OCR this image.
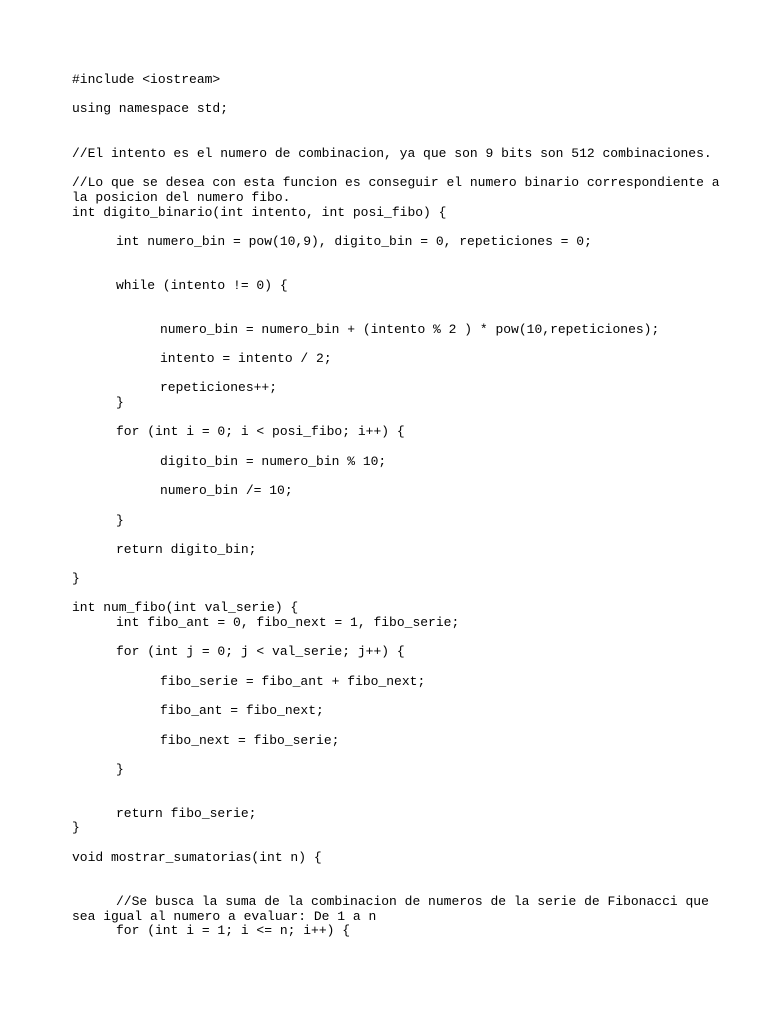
#include <iostream>
using namespace std;
//El intento es el numero de combinacion, ya que son 9 bits son 512 combinaciones.
//Lo que se desea con esta funcion es conseguir el numero binario correspondiente a
la posicion del numero fibo.
int digito_binario(int intento, int posi_fibo) {
int numero_bin = pow(10,9), digito_bin = 0, repeticiones = 0;
while (intento != 0) {
numero_bin = numero_bin + (intento % 2 ) * pow(10,repeticiones);
intento = intento / 2;
repeticiones++;
}
for (int i = 0; i < posi_fibo; i++) {
digito_bin = numero_bin % 10;
numero_bin /= 10;
}
return digito_bin;
}
int num_fibo(int val_serie) {
int fibo_ant = 0, fibo_next = 1, fibo_serie;
for (int j = 0; j < val_serie; j++) {
fibo_serie = fibo_ant + fibo_next;
fibo_ant = fibo_next;
fibo_next = fibo_serie;
}
return fibo_serie;
}
void mostrar_sumatorias(int n) {
//Se busca la suma de la combinacion de numeros de la serie de Fibonacci que
sea igual al numero a evaluar: De 1 a n
for (int i = 1; i <= n; i++) {
